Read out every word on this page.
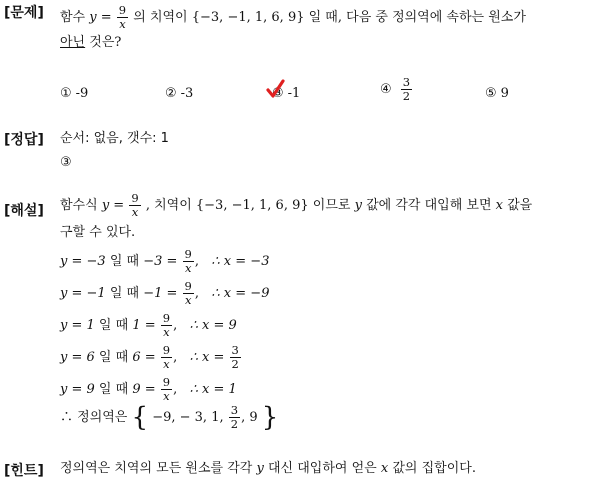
[문제] 함수 $y = \frac{9}{x}$ 의 치역이 {−3, −1, 1, 6, 9} 일 때, 다음 중 정의역에 속하는 원소가
아닌 것은?
① -9	② -3	③ -1	④ $\frac{3}{2}$	⑤ 9
[정답] 순서: 없음, 갯수: 1
③
[해설] 함수식 $y = \frac{9}{x}$ , 치역이 {−3, −1, 1, 6, 9} 이므로 y 값에 각각 대입해 보면 x 값을
구할 수 있다.
y = −3 일 때 $-3 = \frac{9}{x}$ ,   ∴ x = −3
y = −1 일 때 $-1 = \frac{9}{x}$ ,   ∴ x = −9
y = 1 일 때 $1 = \frac{9}{x}$ ,   ∴ x = 9
y = 6 일 때 $6 = \frac{9}{x}$ ,   ∴ $x = \frac{3}{2}$
y = 9 일 때 $9 = \frac{9}{x}$ ,   ∴ x = 1
∴ 정의역은 { −9, − 3, 1, $\frac{3}{2}$ , 9 }
[힌트] 정의역은 치역의 모든 원소를 각각 y 대신 대입하여 얻은 x 값의 집합이다.
